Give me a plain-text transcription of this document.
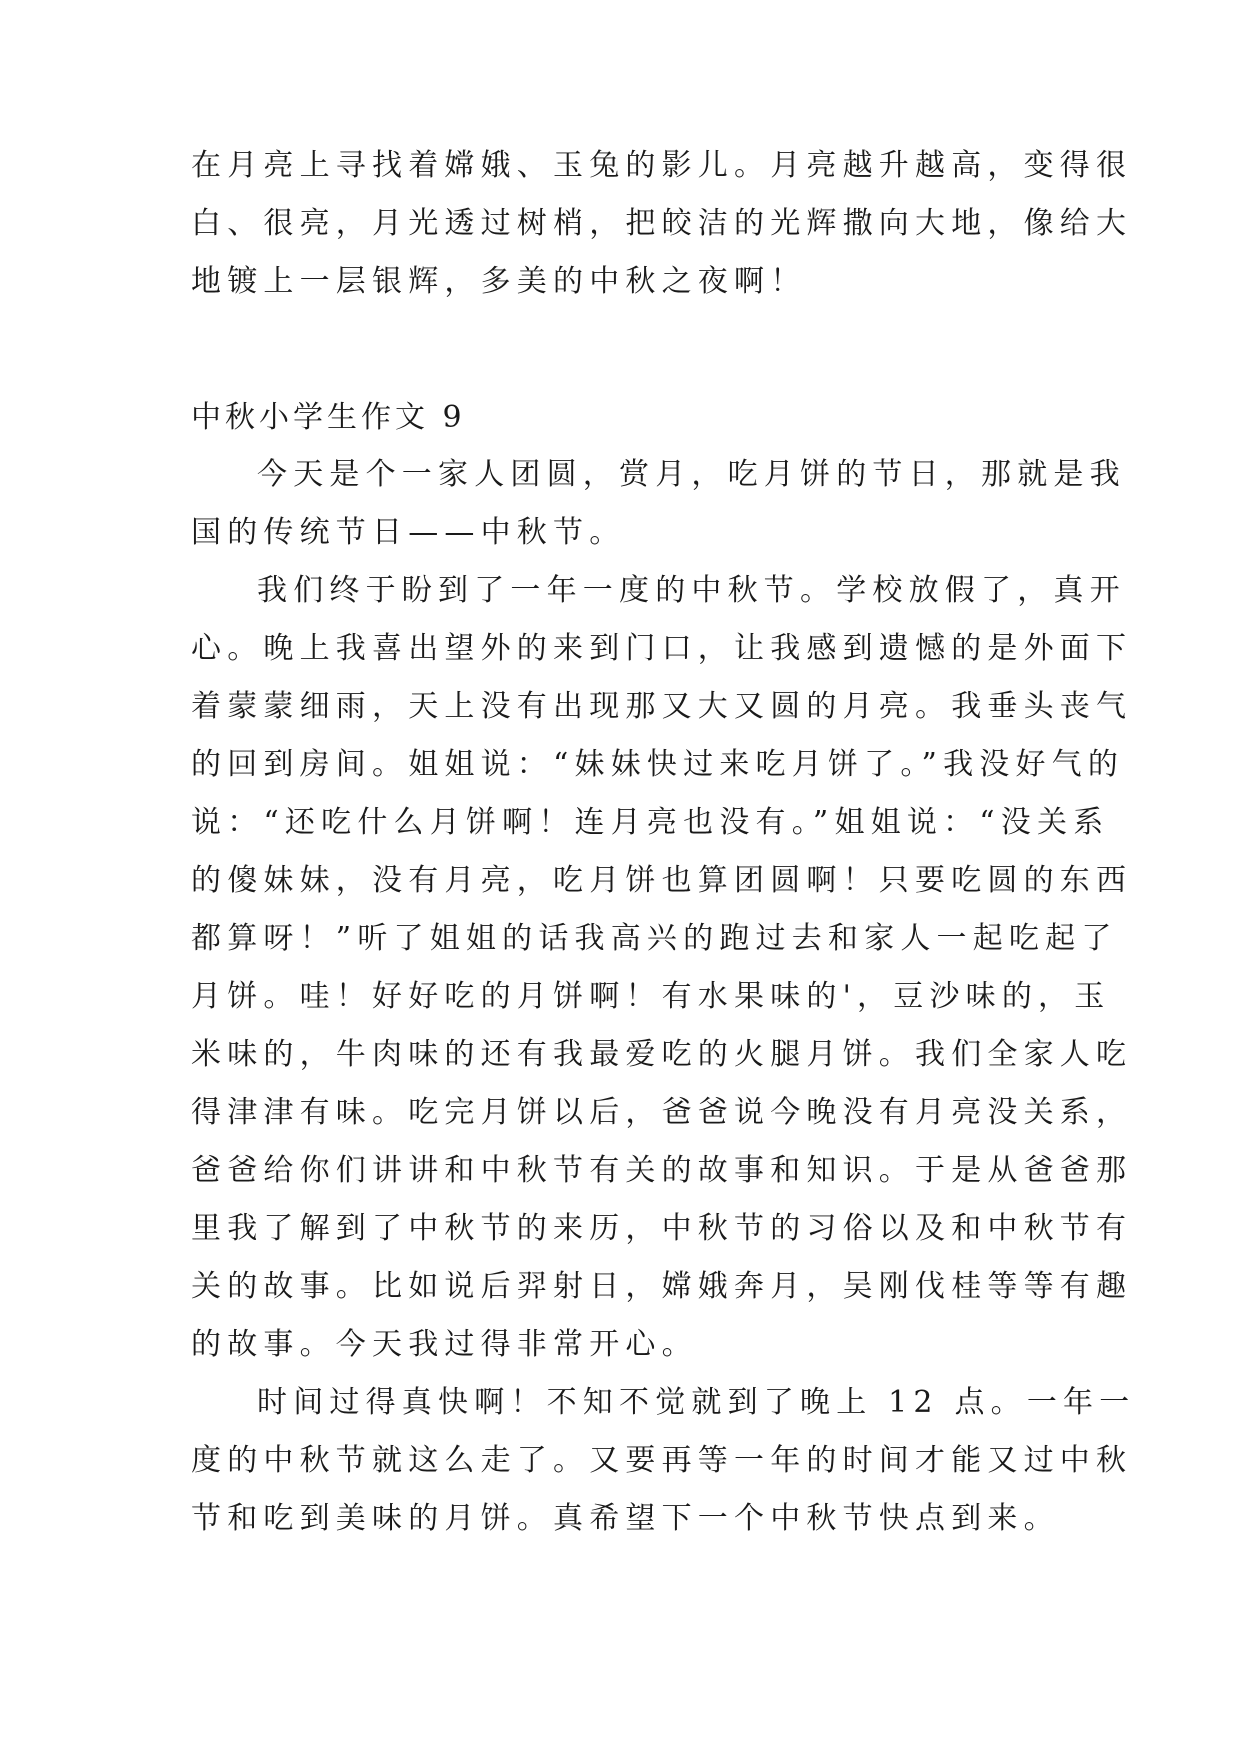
在月亮上寻找着嫦娥、玉兔的影儿。月亮越升越高，变得很
白、很亮，月光透过树梢，把皎洁的光辉撒向大地，像给大
地镀上一层银辉，多美的中秋之夜啊！
中秋小学生作文 9
今天是个一家人团圆，赏月，吃月饼的节日，那就是我
国的传统节日——中秋节。
我们终于盼到了一年一度的中秋节。学校放假了，真开
心。晚上我喜出望外的来到门口，让我感到遗憾的是外面下
着蒙蒙细雨，天上没有出现那又大又圆的月亮。我垂头丧气
的回到房间。姐姐说：“妹妹快过来吃月饼了。”我没好气的
说：“还吃什么月饼啊！连月亮也没有。”姐姐说：“没关系
的傻妹妹，没有月亮，吃月饼也算团圆啊！只要吃圆的东西
都算呀！”听了姐姐的话我高兴的跑过去和家人一起吃起了
月饼。哇！好好吃的月饼啊！有水果味的'，豆沙味的，玉
米味的，牛肉味的还有我最爱吃的火腿月饼。我们全家人吃
得津津有味。吃完月饼以后，爸爸说今晚没有月亮没关系，
爸爸给你们讲讲和中秋节有关的故事和知识。于是从爸爸那
里我了解到了中秋节的来历，中秋节的习俗以及和中秋节有
关的故事。比如说后羿射日，嫦娥奔月，吴刚伐桂等等有趣
的故事。今天我过得非常开心。
时间过得真快啊！不知不觉就到了晚上 12 点。一年一
度的中秋节就这么走了。又要再等一年的时间才能又过中秋
节和吃到美味的月饼。真希望下一个中秋节快点到来。
